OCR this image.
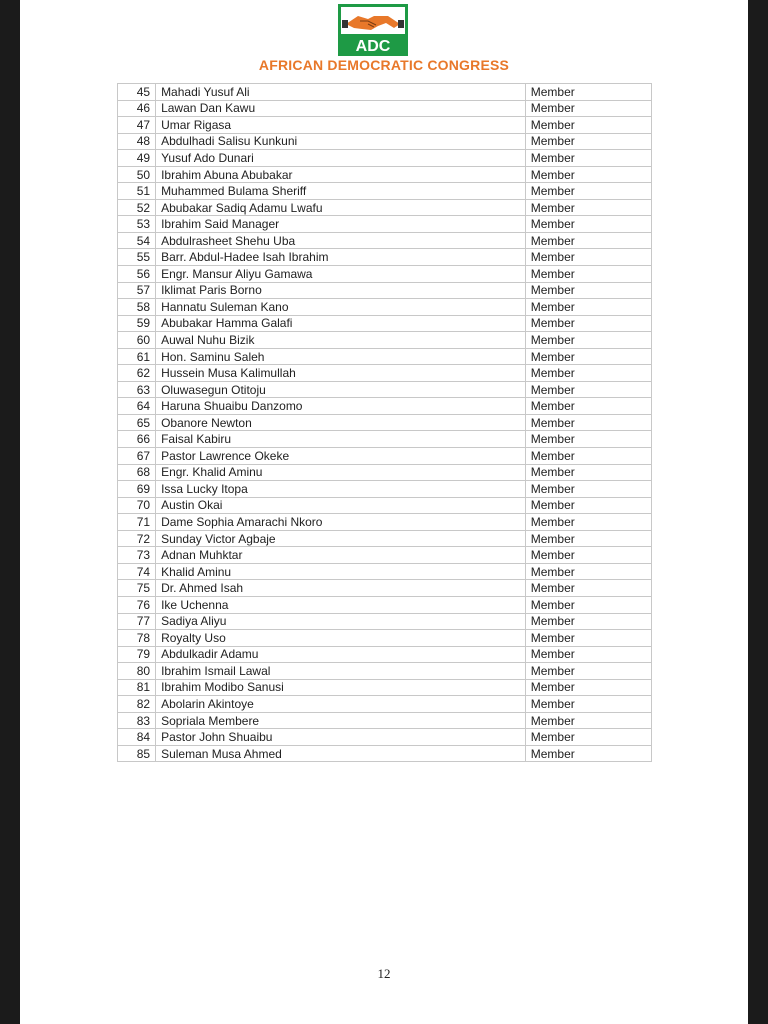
ADC
AFRICAN DEMOCRATIC CONGRESS
45	Mahadi Yusuf Ali	Member
46	Lawan Dan Kawu	Member
47	Umar Rigasa	Member
48	Abdulhadi Salisu Kunkuni	Member
49	Yusuf Ado Dunari	Member
50	Ibrahim Abuna Abubakar	Member
51	Muhammed Bulama Sheriff	Member
52	Abubakar Sadiq Adamu Lwafu	Member
53	Ibrahim Said Manager	Member
54	Abdulrasheet Shehu Uba	Member
55	Barr. Abdul-Hadee Isah Ibrahim	Member
56	Engr. Mansur Aliyu Gamawa	Member
57	Iklimat Paris Borno	Member
58	Hannatu Suleman Kano	Member
59	Abubakar Hamma Galafi	Member
60	Auwal Nuhu Bizik	Member
61	Hon. Saminu Saleh	Member
62	Hussein Musa Kalimullah	Member
63	Oluwasegun Otitoju	Member
64	Haruna Shuaibu Danzomo	Member
65	Obanore Newton	Member
66	Faisal Kabiru	Member
67	Pastor Lawrence Okeke	Member
68	Engr. Khalid Aminu	Member
69	Issa Lucky Itopa	Member
70	Austin Okai	Member
71	Dame Sophia Amarachi Nkoro	Member
72	Sunday Victor Agbaje	Member
73	Adnan Muhktar	Member
74	Khalid Aminu	Member
75	Dr. Ahmed Isah	Member
76	Ike Uchenna	Member
77	Sadiya Aliyu	Member
78	Royalty Uso	Member
79	Abdulkadir Adamu	Member
80	Ibrahim Ismail Lawal	Member
81	Ibrahim Modibo Sanusi	Member
82	Abolarin Akintoye	Member
83	Sopriala Membere	Member
84	Pastor John Shuaibu	Member
85	Suleman Musa Ahmed	Member
12
